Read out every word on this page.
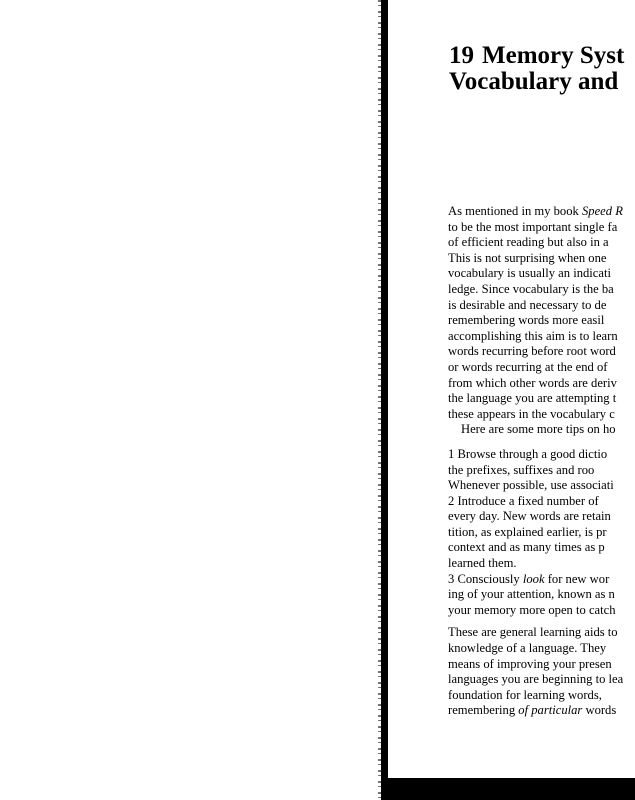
19 Memory Syst
Vocabulary and
As mentioned in my book Speed R
to be the most important single fa
of efficient reading but also in a
This is not surprising when one
vocabulary is usually an indicati
ledge. Since vocabulary is the ba
is desirable and necessary to de
remembering words more easil
accomplishing this aim is to learn
words recurring before root word
or words recurring at the end of
from which other words are deriv
the language you are attempting t
these appears in the vocabulary c
Here are some more tips on ho
1 Browse through a good dictio
the prefixes, suffixes and roo
Whenever possible, use associati
2 Introduce a fixed number of
every day. New words are retain
tition, as explained earlier, is pr
context and as many times as p
learned them.
3 Consciously look for new wor
ing of your attention, known as n
your memory more open to catch
These are general learning aids to
knowledge of a language. They
means of improving your presen
languages you are beginning to lea
foundation for learning words,
remembering of particular words
